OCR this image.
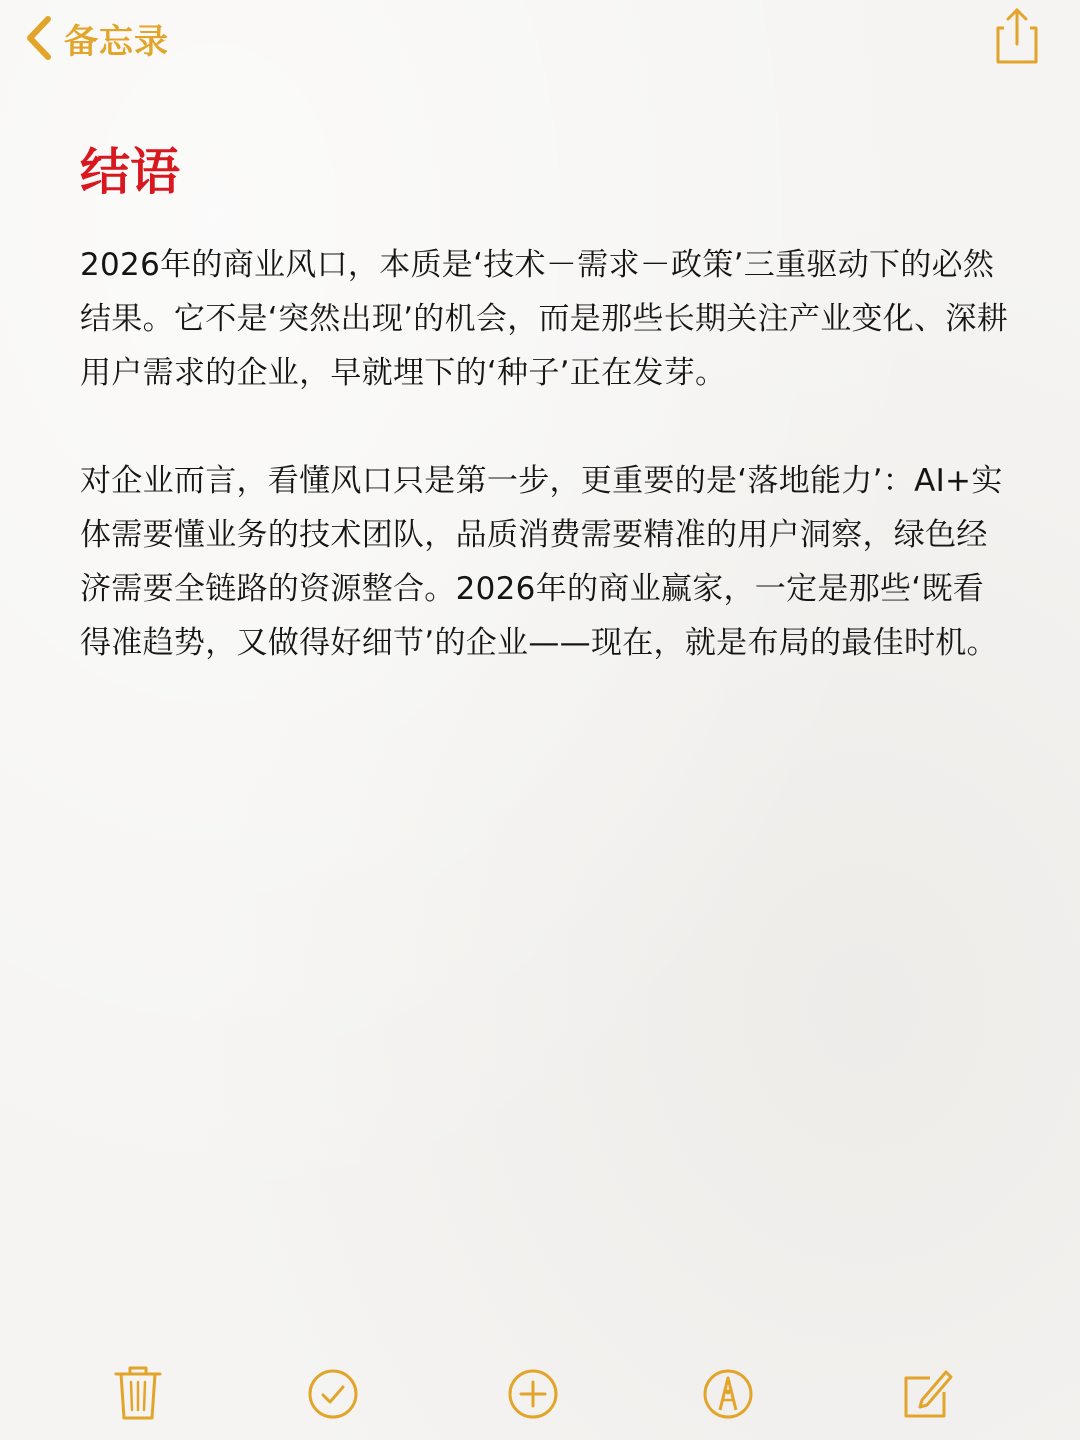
备忘录
结语

2026年的商业风口，本质是‘技术－需求－政策’三重驱动下的必然结果。它不是‘突然出现’的机会，而是那些长期关注产业变化、深耕用户需求的企业，早就埋下的‘种子’正在发芽。

对企业而言，看懂风口只是第一步，更重要的是‘落地能力’：AI+实体需要懂业务的技术团队，品质消费需要精准的用户洞察，绿色经济需要全链路的资源整合。2026年的商业赢家，一定是那些‘既看得准趋势，又做得好细节’的企业——现在，就是布局的最佳时机。
